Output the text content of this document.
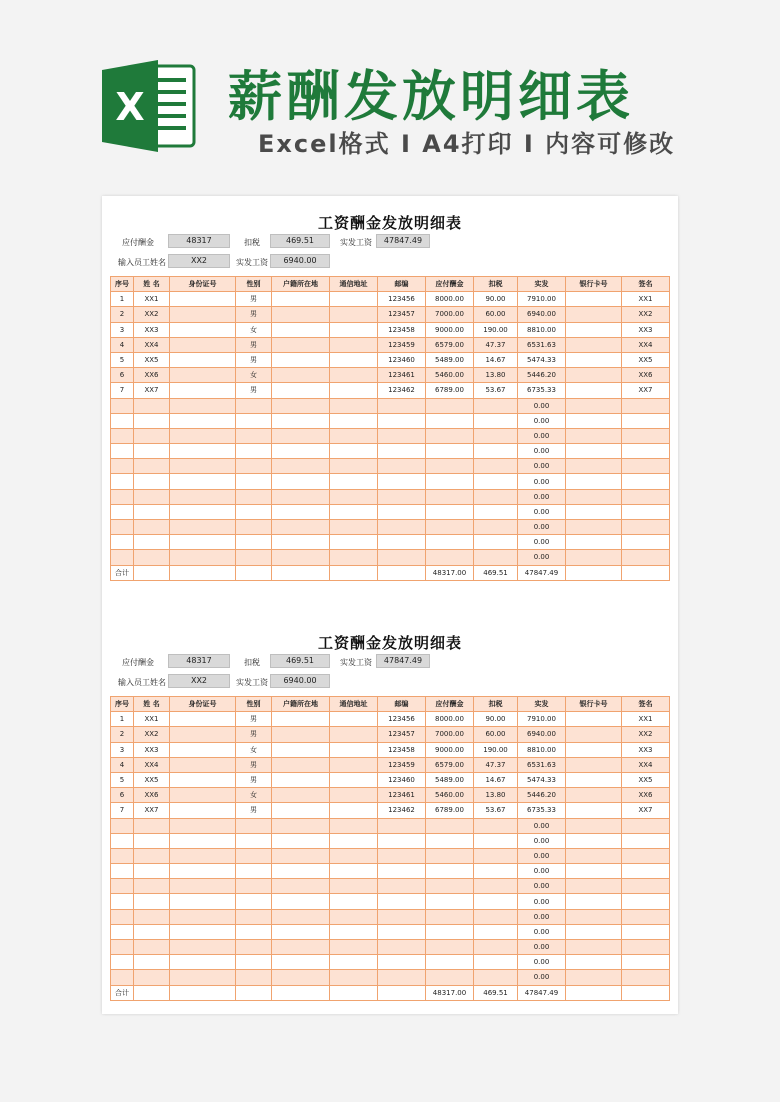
X 薪酬发放明细表
Excel格式 I A4打印 I 内容可修改
工资酬金发放明细表
应付酬金	48317	扣税	469.51	实发工资	47847.49
输入员工姓名	XX2	实发工资	6940.00
序号	姓 名	身份证号	性别	户籍所在地	通信地址	邮编	应付酬金	扣税	实发	银行卡号	签名
1	XX1		男			123456	8000.00	90.00	7910.00		XX1
2	XX2		男			123457	7000.00	60.00	6940.00		XX2
3	XX3		女			123458	9000.00	190.00	8810.00		XX3
4	XX4		男			123459	6579.00	47.37	6531.63		XX4
5	XX5		男			123460	5489.00	14.67	5474.33		XX5
6	XX6		女			123461	5460.00	13.80	5446.20		XX6
7	XX7		男			123462	6789.00	53.67	6735.33		XX7
									0.00		
									0.00		
									0.00		
									0.00		
									0.00		
									0.00		
									0.00		
									0.00		
									0.00		
									0.00		
									0.00		
合计							48317.00	469.51	47847.49		
工资酬金发放明细表
应付酬金	48317	扣税	469.51	实发工资	47847.49
输入员工姓名	XX2	实发工资	6940.00
序号	姓 名	身份证号	性别	户籍所在地	通信地址	邮编	应付酬金	扣税	实发	银行卡号	签名
1	XX1		男			123456	8000.00	90.00	7910.00		XX1
2	XX2		男			123457	7000.00	60.00	6940.00		XX2
3	XX3		女			123458	9000.00	190.00	8810.00		XX3
4	XX4		男			123459	6579.00	47.37	6531.63		XX4
5	XX5		男			123460	5489.00	14.67	5474.33		XX5
6	XX6		女			123461	5460.00	13.80	5446.20		XX6
7	XX7		男			123462	6789.00	53.67	6735.33		XX7
									0.00		
									0.00		
									0.00		
									0.00		
									0.00		
									0.00		
									0.00		
									0.00		
									0.00		
									0.00		
									0.00		
合计							48317.00	469.51	47847.49		
